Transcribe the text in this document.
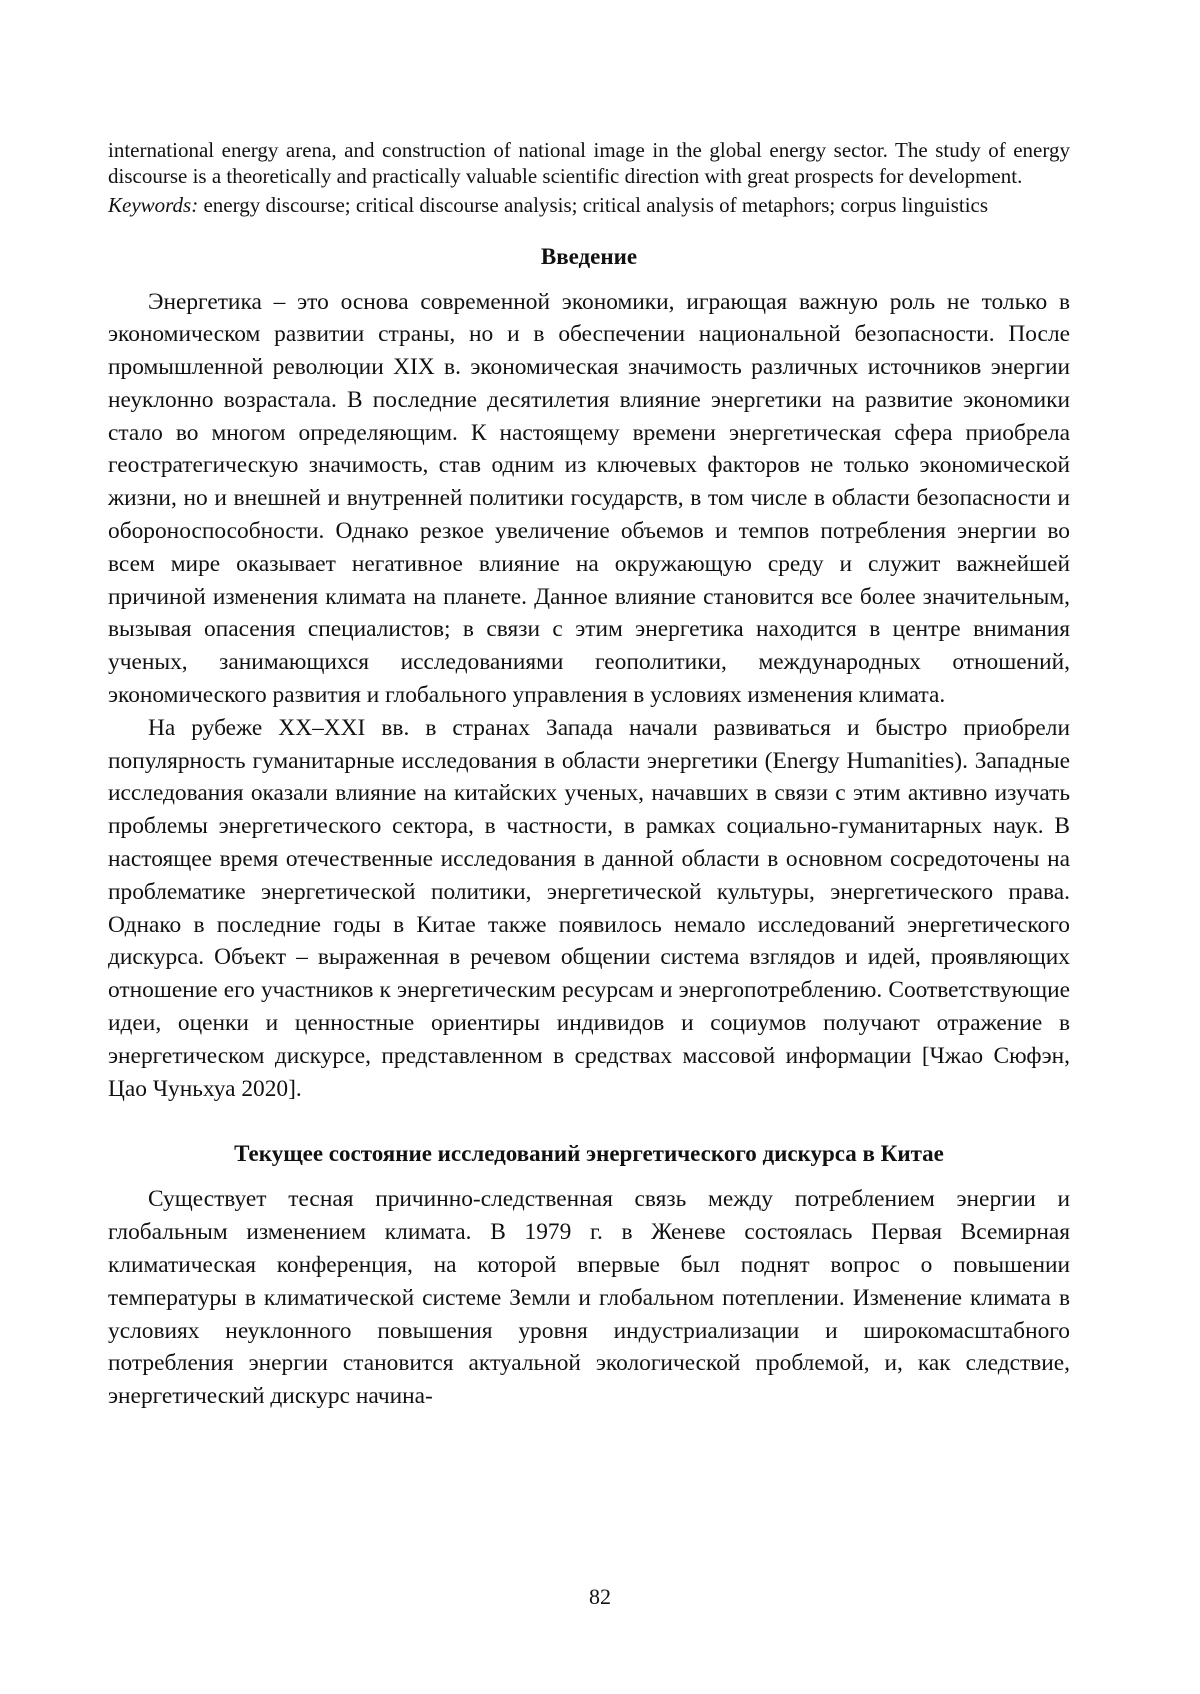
international energy arena, and construction of national image in the global energy sector. The study of energy discourse is a theoretically and practically valuable scientific direction with great prospects for development.

Keywords: energy discourse; critical discourse analysis; critical analysis of metaphors; corpus linguistics

Введение

Энергетика – это основа современной экономики, играющая важную роль не только в экономическом развитии страны, но и в обеспечении национальной безопасности. После промышленной революции XIX в. экономическая значимость различных источников энергии неуклонно возрастала. В последние десятилетия влияние энергетики на развитие экономики стало во многом определяющим. К настоящему времени энергетическая сфера приобрела геостратегическую значимость, став одним из ключевых факторов не только экономической жизни, но и внешней и внутренней политики государств, в том числе в области безопасности и обороноспособности. Однако резкое увеличение объемов и темпов потребления энергии во всем мире оказывает негативное влияние на окружающую среду и служит важнейшей причиной изменения климата на планете. Данное влияние становится все более значительным, вызывая опасения специалистов; в связи с этим энергетика находится в центре внимания ученых, занимающихся исследованиями геополитики, международных отношений, экономического развития и глобального управления в условиях изменения климата.

На рубеже XX–XXI вв. в странах Запада начали развиваться и быстро приобрели популярность гуманитарные исследования в области энергетики (Energy Humanities). Западные исследования оказали влияние на китайских ученых, начавших в связи с этим активно изучать проблемы энергетического сектора, в частности, в рамках социально-гуманитарных наук. В настоящее время отечественные исследования в данной области в основном сосредоточены на проблематике энергетической политики, энергетической культуры, энергетического права. Однако в последние годы в Китае также появилось немало исследований энергетического дискурса. Объект – выраженная в речевом общении система взглядов и идей, проявляющих отношение его участников к энергетическим ресурсам и энергопотреблению. Соответствующие идеи, оценки и ценностные ориентиры индивидов и социумов получают отражение в энергетическом дискурсе, представленном в средствах массовой информации [Чжао Сюфэн, Цао Чуньхуа 2020].

Текущее состояние исследований энергетического дискурса в Китае

Существует тесная причинно-следственная связь между потреблением энергии и глобальным изменением климата. В 1979 г. в Женеве состоялась Первая Всемирная климатическая конференция, на которой впервые был поднят вопрос о повышении температуры в климатической системе Земли и глобальном потеплении. Изменение климата в условиях неуклонного повышения уровня индустриализации и широкомасштабного потребления энергии становится актуальной экологической проблемой, и, как следствие, энергетический дискурс начина-

82
